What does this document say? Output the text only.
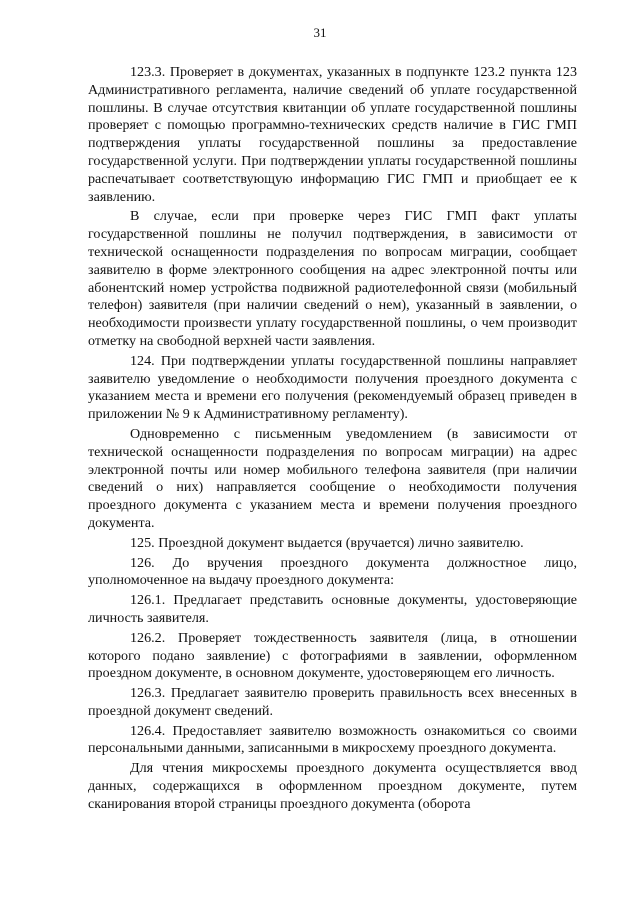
31

123.3. Проверяет в документах, указанных в подпункте 123.2 пункта 123 Административного регламента, наличие сведений об уплате государственной пошлины. В случае отсутствия квитанции об уплате государственной пошлины проверяет с помощью программно-технических средств наличие в ГИС ГМП подтверждения уплаты государственной пошлины за предоставление государственной услуги. При подтверждении уплаты государственной пошлины распечатывает соответствующую информацию ГИС ГМП и приобщает ее к заявлению.

В случае, если при проверке через ГИС ГМП факт уплаты государственной пошлины не получил подтверждения, в зависимости от технической оснащенности подразделения по вопросам миграции, сообщает заявителю в форме электронного сообщения на адрес электронной почты или абонентский номер устройства подвижной радиотелефонной связи (мобильный телефон) заявителя (при наличии сведений о нем), указанный в заявлении, о необходимости произвести уплату государственной пошлины, о чем производит отметку на свободной верхней части заявления.

124. При подтверждении уплаты государственной пошлины направляет заявителю уведомление о необходимости получения проездного документа с указанием места и времени его получения (рекомендуемый образец приведен в приложении № 9 к Административному регламенту).

Одновременно с письменным уведомлением (в зависимости от технической оснащенности подразделения по вопросам миграции) на адрес электронной почты или номер мобильного телефона заявителя (при наличии сведений о них) направляется сообщение о необходимости получения проездного документа с указанием места и времени получения проездного документа.

125. Проездной документ выдается (вручается) лично заявителю.

126. До вручения проездного документа должностное лицо, уполномоченное на выдачу проездного документа:

126.1. Предлагает представить основные документы, удостоверяющие личность заявителя.

126.2. Проверяет тождественность заявителя (лица, в отношении которого подано заявление) с фотографиями в заявлении, оформленном проездном документе, в основном документе, удостоверяющем его личность.

126.3. Предлагает заявителю проверить правильность всех внесенных в проездной документ сведений.

126.4. Предоставляет заявителю возможность ознакомиться со своими персональными данными, записанными в микросхему проездного документа.

Для чтения микросхемы проездного документа осуществляется ввод данных, содержащихся в оформленном проездном документе, путем сканирования второй страницы проездного документа (оборота
